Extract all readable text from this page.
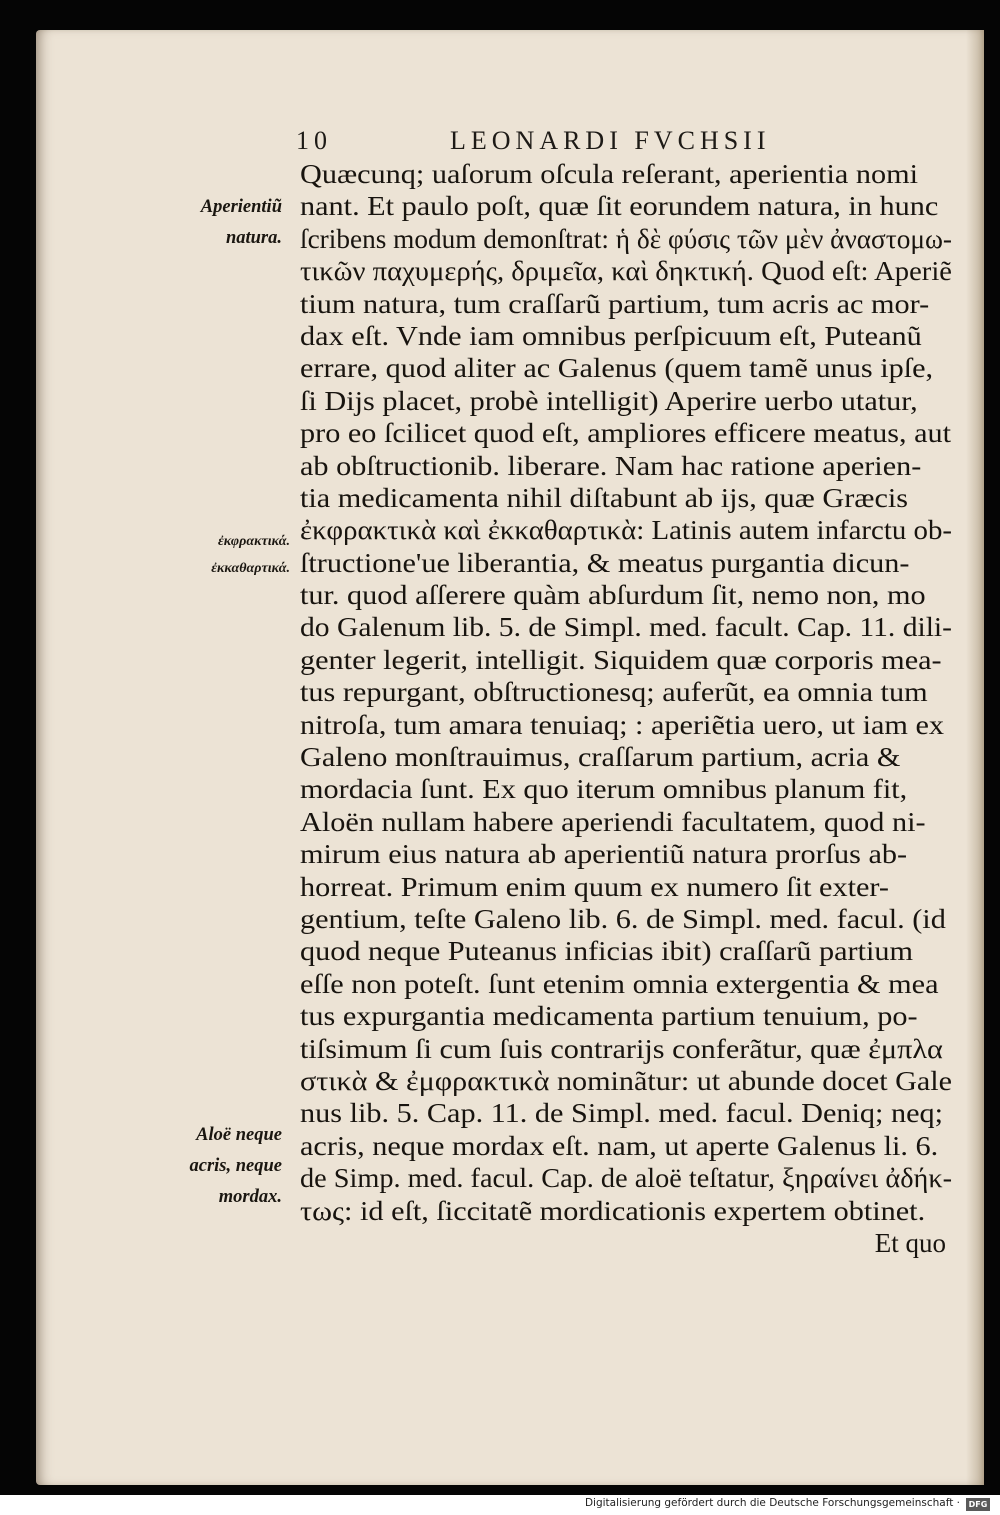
10	LEONARDI FVCHSII
Aperientiũ
natura.
ἐκφρακτικά.
ἐκκαθαρτικά.
Aloë neque
acris, neque
mordax.
Quæcunq; uaſorum oſcula reſerant, aperientia nomi
nant. Et paulo poſt, quæ ſit eorundem natura, in hunc
ſcribens modum demonſtrat: ἡ δὲ φύσις τῶν μὲν ἀναστομω-
τικῶν παχυμερής, δριμεῖα, καὶ δηκτική. Quod eſt: Aperiẽ
tium natura, tum craſſarũ partium, tum acris ac mor-
dax eſt. Vnde iam omnibus perſpicuum eſt, Puteanũ
errare, quod aliter ac Galenus (quem tamẽ unus ipſe,
ſi Dijs placet, probè intelligit) Aperire uerbo utatur,
pro eo ſcilicet quod eſt, ampliores efficere meatus, aut
ab obſtructionib. liberare. Nam hac ratione aperien-
tia medicamenta nihil diſtabunt ab ijs, quæ Græcis
ἐκφρακτικὰ καὶ ἐκκαθαρτικὰ: Latinis autem infarctu ob-
ſtructione'ue liberantia, & meatus purgantia dicun-
tur. quod aſſerere quàm abſurdum ſit, nemo non, mo
do Galenum lib. 5. de Simpl. med. facult. Cap. 11. dili-
genter legerit, intelligit. Siquidem quæ corporis mea-
tus repurgant, obſtructionesq; auferũt, ea omnia tum
nitroſa, tum amara tenuiaq; : aperiẽtia uero, ut iam ex
Galeno monſtrauimus, craſſarum partium, acria &
mordacia ſunt. Ex quo iterum omnibus planum fit,
Aloën nullam habere aperiendi facultatem, quod ni-
mirum eius natura ab aperientiũ natura prorſus ab-
horreat. Primum enim quum ex numero ſit exter-
gentium, teſte Galeno lib. 6. de Simpl. med. facul. (id
quod neque Puteanus inficias ibit) craſſarũ partium
eſſe non poteſt. ſunt etenim omnia extergentia & mea
tus expurgantia medicamenta partium tenuium, po-
tiſsimum ſi cum ſuis contrarijs conferãtur, quæ ἐμπλα
στικὰ & ἐμφρακτικὰ nominãtur: ut abunde docet Gale
nus lib. 5. Cap. 11. de Simpl. med. facul. Deniq; neq;
acris, neque mordax eſt. nam, ut aperte Galenus li. 6.
de Simp. med. facul. Cap. de aloë teſtatur, ξηραίνει ἀδήκ-
τως: id eſt, ſiccitatẽ mordicationis expertem obtinet.
Et quo
Digitalisierung gefördert durch die Deutsche Forschungsgemeinschaft ·	DFG
